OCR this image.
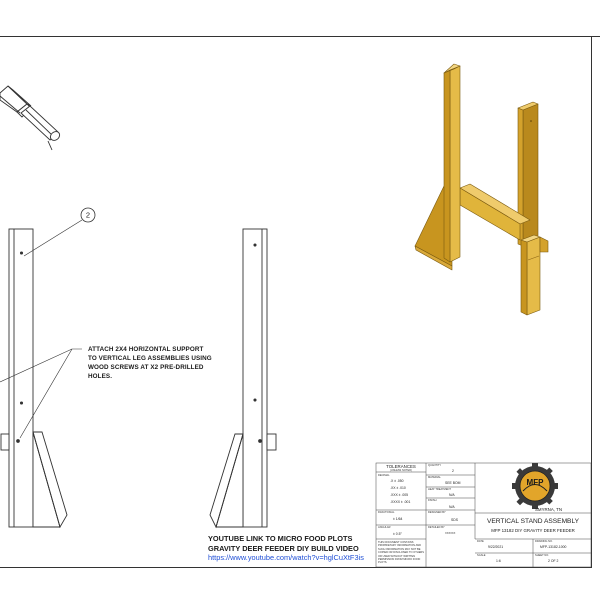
2
MFP
ATTACH 2X4 HORIZONTAL SUPPORT
TO VERTICAL LEG ASSEMBLIES USING
WOOD SCREWS AT X2 PRE-DRILLED
HOLES.
YOUTUBE LINK TO MICRO FOOD PLOTS
GRAVITY DEER FEEDER DIY BUILD VIDEO
https://www.youtube.com/watch?v=hglCuXtF3is
TOLERANCES
(UNLESS NOTED)
DECIMAL
.X ± .050
.XX ± .010
.XXX ± .005
.XXXX ± .001
FRACTIONAL
± 1/64
ANGULAR
± 0.5°
THIS DOCUMENT CONTAINS PROPRIETARY INFORMATION AND SUCH INFORMATION MAY NOT BE COPIED OR DISCLOSED TO OTHERS OR USED WITHOUT WRITTEN PERMISSION FROM MICRO FOOD PLOTS.
QUANTITY
2
MATERIAL
SEE BOM
HEAT TREATMENT
N/A
FINISH
N/A
DESIGNED BY
SDS
DETAILED BY
XXXXXX
SMYRNA, TN
VERTICAL STAND ASSEMBLY
MFP 13182 DIY GRAVITY DEER FEEDER
DATE
9/22/2021
DRAWING NO.
MFP-13182-1000
SCALE
1:6
SHEET NO.
2 OF 2
